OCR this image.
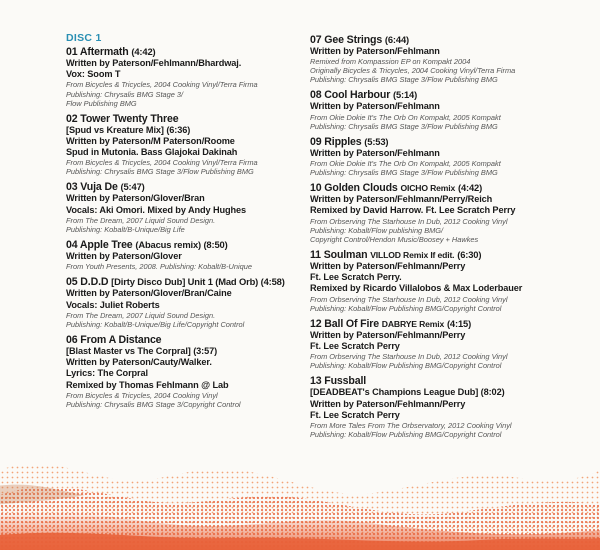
DISC 1
01 Aftermath (4:42)
Written by Paterson/Fehlmann/Bhardwaj.
Vox: Soom T
From Bicycles & Tricycles, 2004 Cooking Vinyl/Terra Firma
Publishing: Chrysalis BMG Stage 3/
Flow Publishing BMG
02 Tower Twenty Three
[Spud vs Kreature Mix] (6:36)
Written by Paterson/M Paterson/Roome
Spud in Mutonia. Bass Glajokai Dakinah
From Bicycles & Tricycles, 2004 Cooking Vinyl/Terra Firma
Publishing: Chrysalis BMG Stage 3/Flow Publishing BMG
03 Vuja De (5:47)
Written by Paterson/Glover/Bran
Vocals: Aki Omori. Mixed by Andy Hughes
From The Dream, 2007 Liquid Sound Design.
Publishing: Kobalt/B-Unique/Big Life
04 Apple Tree (Abacus remix) (8:50)
Written by Paterson/Glover
From Youth Presents, 2008. Publishing: Kobalt/B-Unique
05 D.D.D [Dirty Disco Dub] Unit 1 (Mad Orb) (4:58)
Written by Paterson/Glover/Bran/Caine
Vocals: Juliet Roberts
From The Dream, 2007 Liquid Sound Design.
Publishing: Kobalt/B-Unique/Big Life/Copyright Control
06 From A Distance
[Blast Master vs The Corpral] (3:57)
Written by Paterson/Cauty/Walker.
Lyrics: The Corpral
Remixed by Thomas Fehlmann @ Lab
From Bicycles & Tricycles, 2004 Cooking Vinyl
Publishing: Chrysalis BMG Stage 3/Copyright Control
07 Gee Strings (6:44)
Written by Paterson/Fehlmann
Remixed from Kompassion EP on Kompakt 2004
Originally Bicycles & Tricycles, 2004 Cooking Vinyl/Terra Firma
Publishing: Chrysalis BMG Stage 3/Flow Publishing BMG
08 Cool Harbour (5:14)
Written by Paterson/Fehlmann
From Okie Dokie It's The Orb On Kompakt, 2005 Kompakt
Publishing: Chrysalis BMG Stage 3/Flow Publishing BMG
09 Ripples (5:53)
Written by Paterson/Fehlmann
From Okie Dokie It's The Orb On Kompakt, 2005 Kompakt
Publishing: Chrysalis BMG Stage 3/Flow Publishing BMG
10 Golden Clouds OICHO Remix (4:42)
Written by Paterson/Fehlmann/Perry/Reich
Remixed by David Harrow. Ft. Lee Scratch Perry
From Orbserving The Starhouse In Dub, 2012 Cooking Vinyl
Publishing: Kobalt/Flow publishing BMG/
Copyright Control/Hendon Music/Boosey + Hawkes
11 Soulman VILLOD Remix If edit. (6:30)
Written by Paterson/Fehlmann/Perry
Ft. Lee Scratch Perry.
Remixed by Ricardo Villalobos & Max Loderbauer
From Orbserving The Starhouse In Dub, 2012 Cooking Vinyl
Publishing: Kobalt/Flow Publishing BMG/Copyright Control
12 Ball Of Fire DABRYE Remix (4:15)
Written by Paterson/Fehlmann/Perry
Ft. Lee Scratch Perry
From Orbserving The Starhouse In Dub, 2012 Cooking Vinyl
Publishing: Kobalt/Flow Publishing BMG/Copyright Control
13 Fussball
[DEADBEAT's Champions League Dub] (8:02)
Written by Paterson/Fehlmann/Perry
Ft. Lee Scratch Perry
From More Tales From The Orbservatory, 2012 Cooking Vinyl
Publishing: Kobalt/Flow Publishing BMG/Copyright Control
